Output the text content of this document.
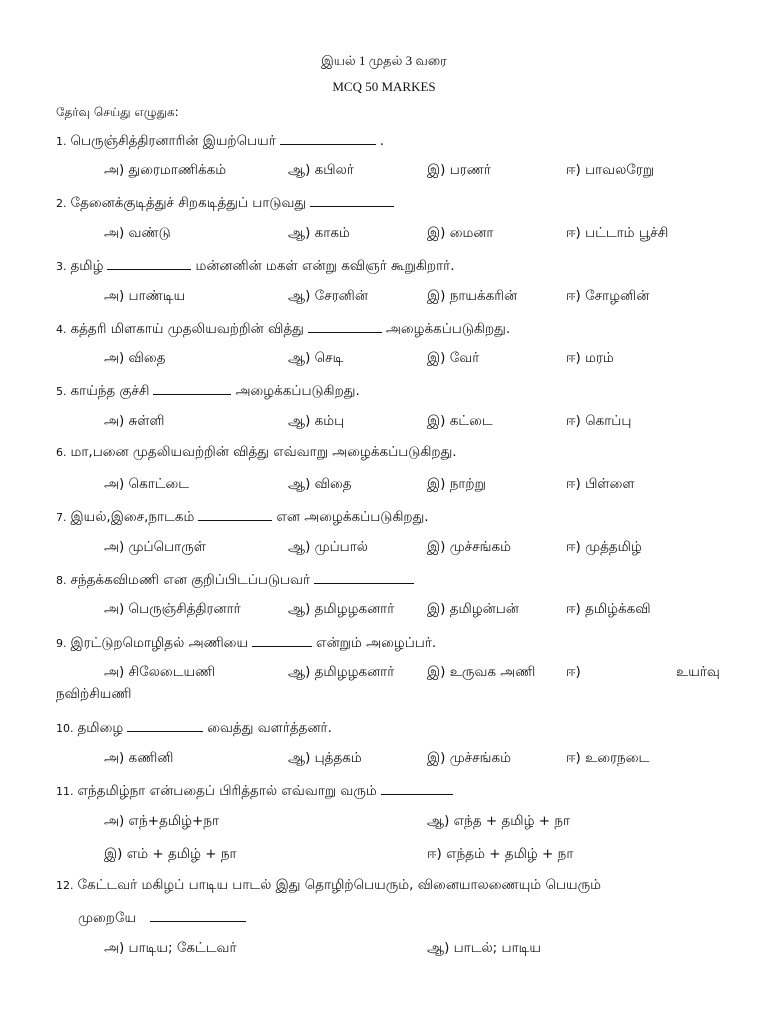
இயல் 1 முதல் 3 வரை
MCQ 50 MARKES
தேர்வு செய்து எழுதுக:
1. பெருஞ்சித்திரனாரின் இயற்பெயர்	.
அ) துரைமாணிக்கம்	ஆ) கபிலர்	இ) பரணர்	ஈ) பாவலரேறு
2. தேனைக்குடித்துச் சிறகடித்துப் பாடுவது
அ) வண்டு	ஆ) காகம்	இ) மைனா	ஈ) பட்டாம் பூச்சி
3. தமிழ்	மன்னனின் மகள் என்று கவிஞர் கூறுகிறார்.
அ) பாண்டிய	ஆ) சேரனின்	இ) நாயக்கரின்	ஈ) சோழனின்
4. கத்தரி மிளகாய் முதலியவற்றின் வித்து	அழைக்கப்படுகிறது.
அ) விதை	ஆ) செடி	இ) வேர்	ஈ) மரம்
5. காய்ந்த குச்சி	அழைக்கப்படுகிறது.
அ) சுள்ளி	ஆ) கம்பு	இ) கட்டை	ஈ) கொப்பு
6. மா,பனை முதலியவற்றின் வித்து எவ்வாறு அழைக்கப்படுகிறது.
அ) கொட்டை	ஆ) விதை	இ) நாற்று	ஈ) பிள்ளை
7. இயல்,இசை,நாடகம்	என அழைக்கப்படுகிறது.
அ) முப்பொருள்	ஆ) முப்பால்	இ) முச்சங்கம்	ஈ) முத்தமிழ்
8. சந்தக்கவிமணி என குறிப்பிடப்படுபவர்
அ) பெருஞ்சித்திரனார்	ஆ) தமிழழகனார் இ) தமிழன்பன்	ஈ) தமிழ்க்கவி
9. இரட்டுறமொழிதல் அணியை	என்றும் அழைப்பர்.
அ) சிலேடையணி	ஆ) தமிழழகனார் இ) உருவக அணி ஈ)	உயர்வு
நவிற்சியணி
10. தமிழை	வைத்து வளர்த்தனர்.
அ) கணினி	ஆ) புத்தகம்	இ) முச்சங்கம்	ஈ) உரைநடை
11. எந்தமிழ்நா என்பதைப் பிரித்தால் எவ்வாறு வரும்
அ) எந்+தமிழ்+நா	ஆ) எந்த + தமிழ் + நா
இ) எம் + தமிழ் + நா	ஈ) எந்தம் + தமிழ் + நா
12. கேட்டவர் மகிழப் பாடிய பாடல் இது தொழிற்பெயரும், வினையாலணையும் பெயரும்
முறையே
அ) பாடிய; கேட்டவர்	ஆ) பாடல்; பாடிய
